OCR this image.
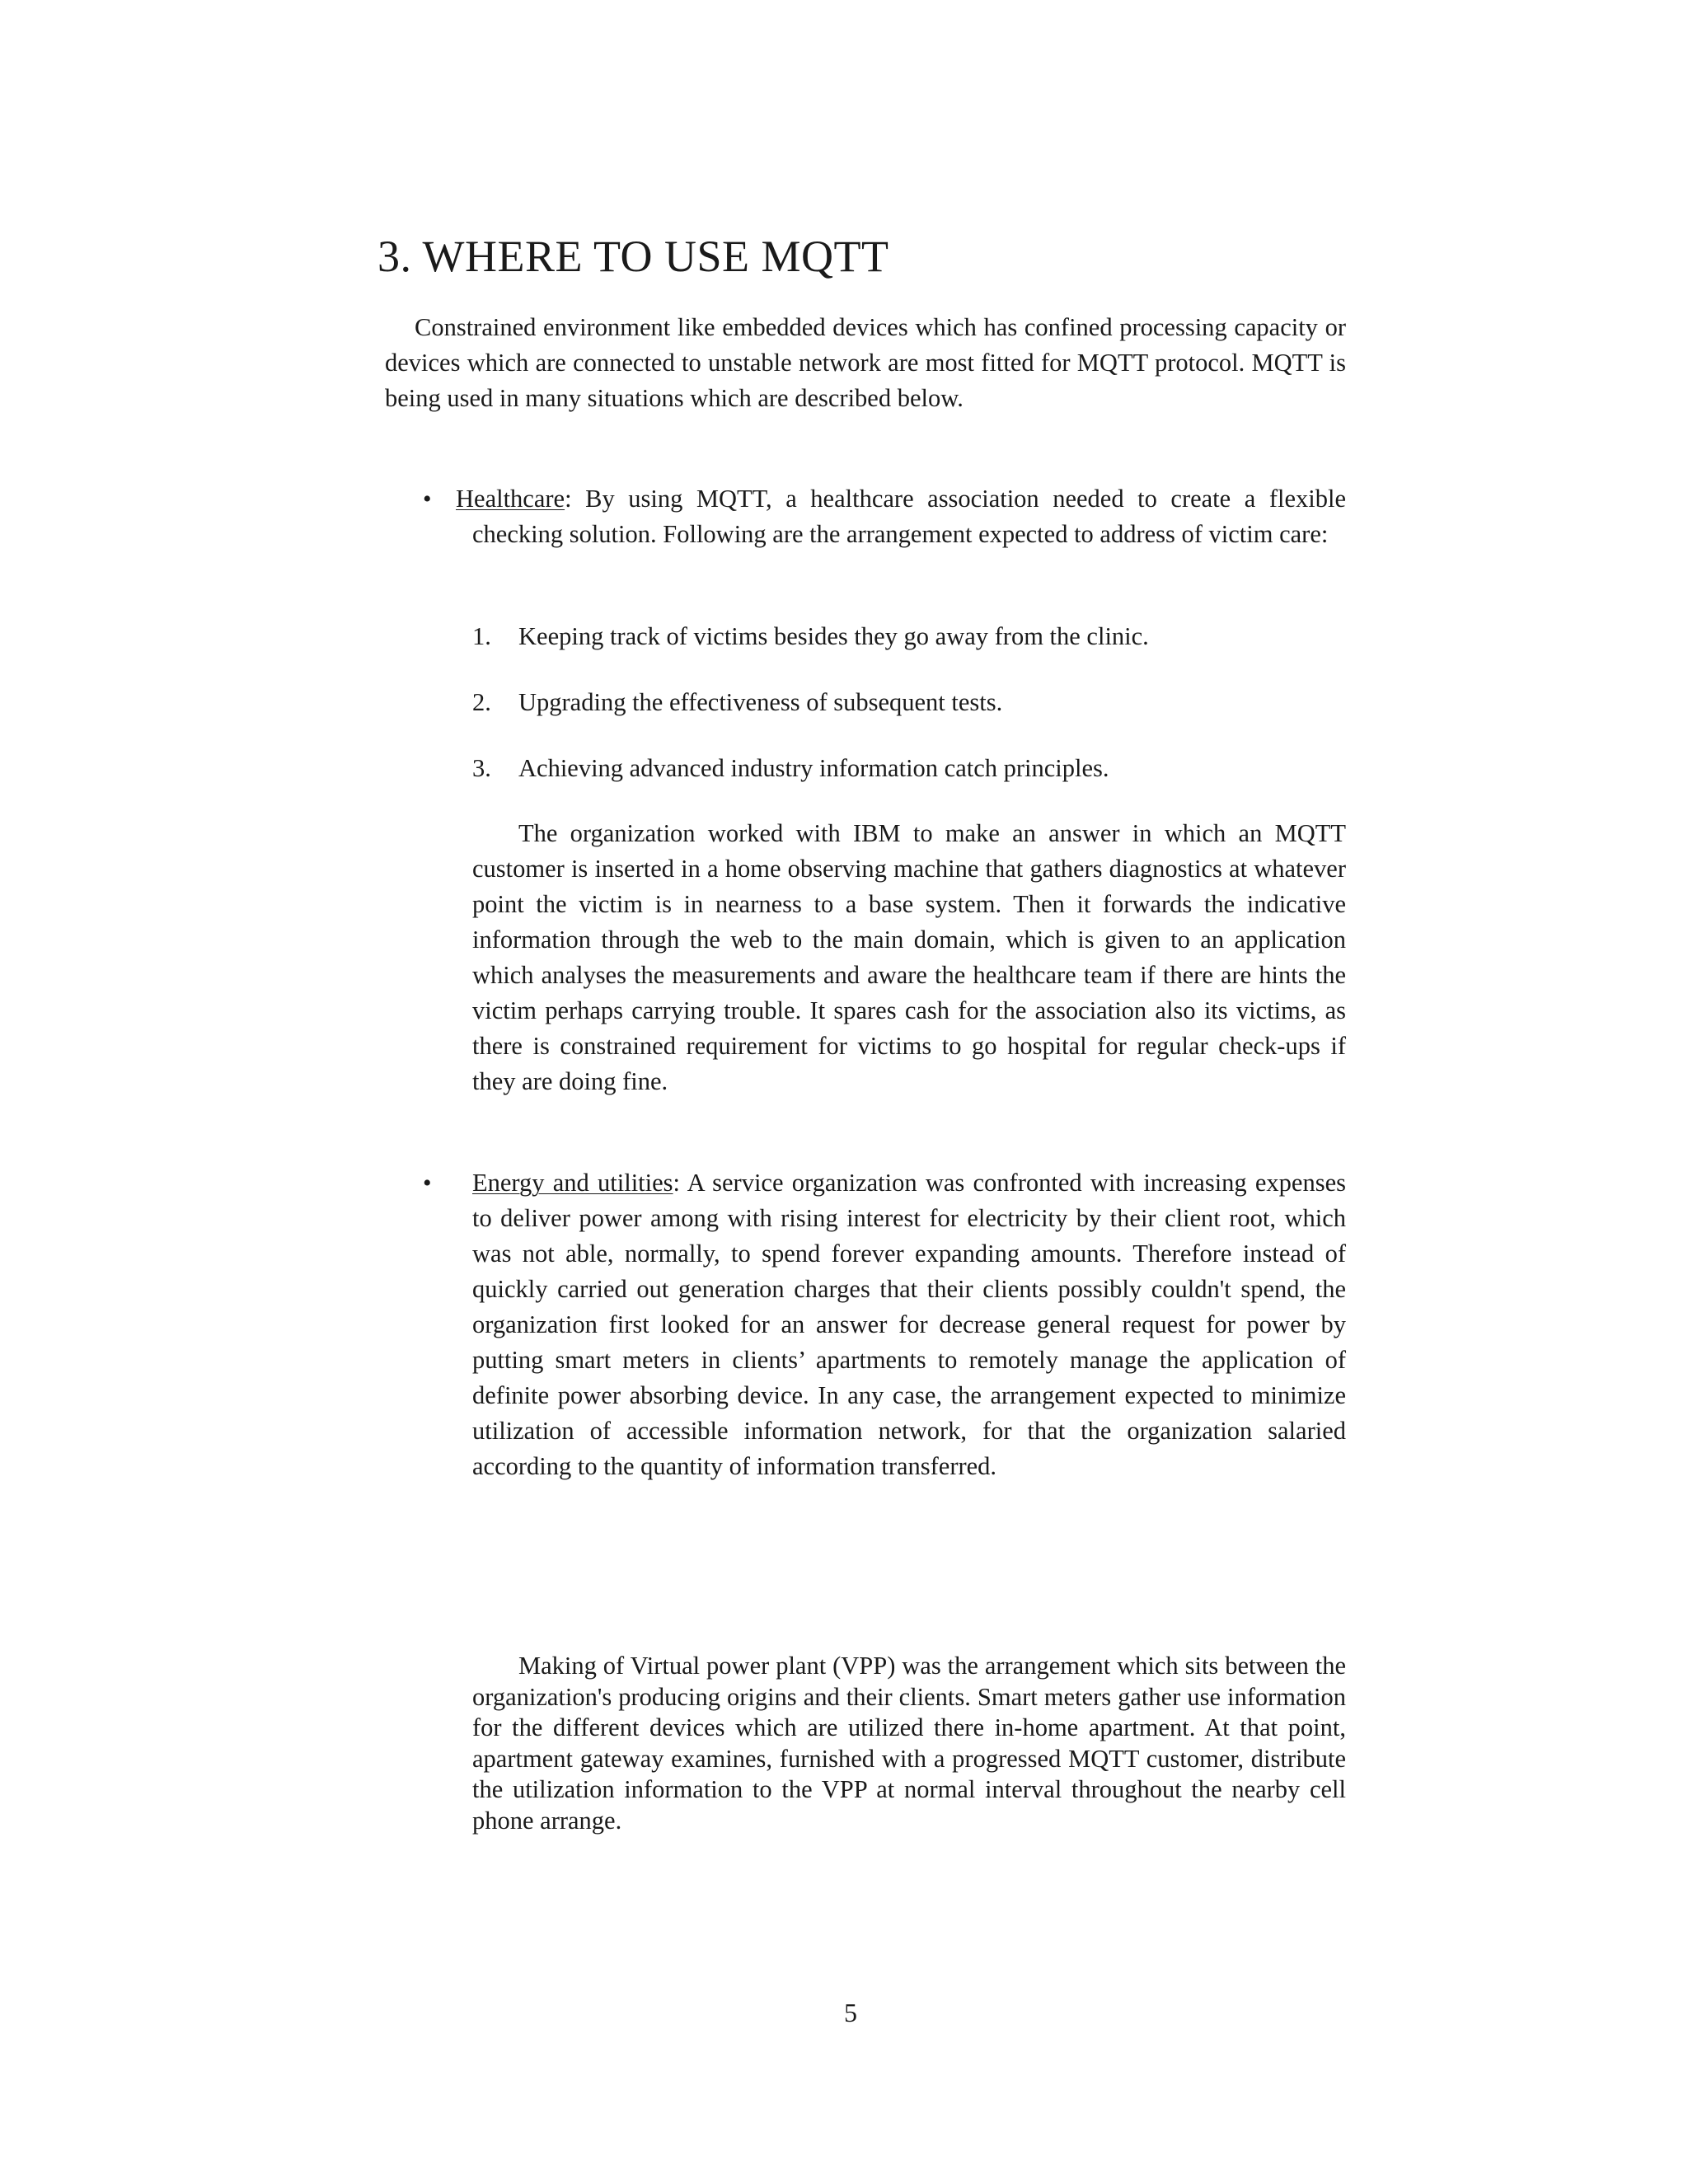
3. WHERE TO USE MQTT

Constrained environment like embedded devices which has confined processing capacity or devices which are connected to unstable network are most fitted for MQTT protocol. MQTT is being used in many situations which are described below.

• Healthcare: By using MQTT, a healthcare association needed to create a flexible checking solution. Following are the arrangement expected to address of victim care:

1. Keeping track of victims besides they go away from the clinic.
2. Upgrading the effectiveness of subsequent tests.
3. Achieving advanced industry information catch principles.

The organization worked with IBM to make an answer in which an MQTT customer is inserted in a home observing machine that gathers diagnostics at whatever point the victim is in nearness to a base system. Then it forwards the indicative information through the web to the main domain, which is given to an application which analyses the measurements and aware the healthcare team if there are hints the victim perhaps carrying trouble. It spares cash for the association also its victims, as there is constrained requirement for victims to go hospital for regular check-ups if they are doing fine.

• Energy and utilities: A service organization was confronted with increasing expenses to deliver power among with rising interest for electricity by their client root, which was not able, normally, to spend forever expanding amounts. Therefore instead of quickly carried out generation charges that their clients possibly couldn't spend, the organization first looked for an answer for decrease general request for power by putting smart meters in clients’ apartments to remotely manage the application of definite power absorbing device. In any case, the arrangement expected to minimize utilization of accessible information network, for that the organization salaried according to the quantity of information transferred.

Making of Virtual power plant (VPP) was the arrangement which sits between the organization's producing origins and their clients. Smart meters gather use information for the different devices which are utilized there in-home apartment. At that point, apartment gateway examines, furnished with a progressed MQTT customer, distribute the utilization information to the VPP at normal interval throughout the nearby cell phone arrange.

5
